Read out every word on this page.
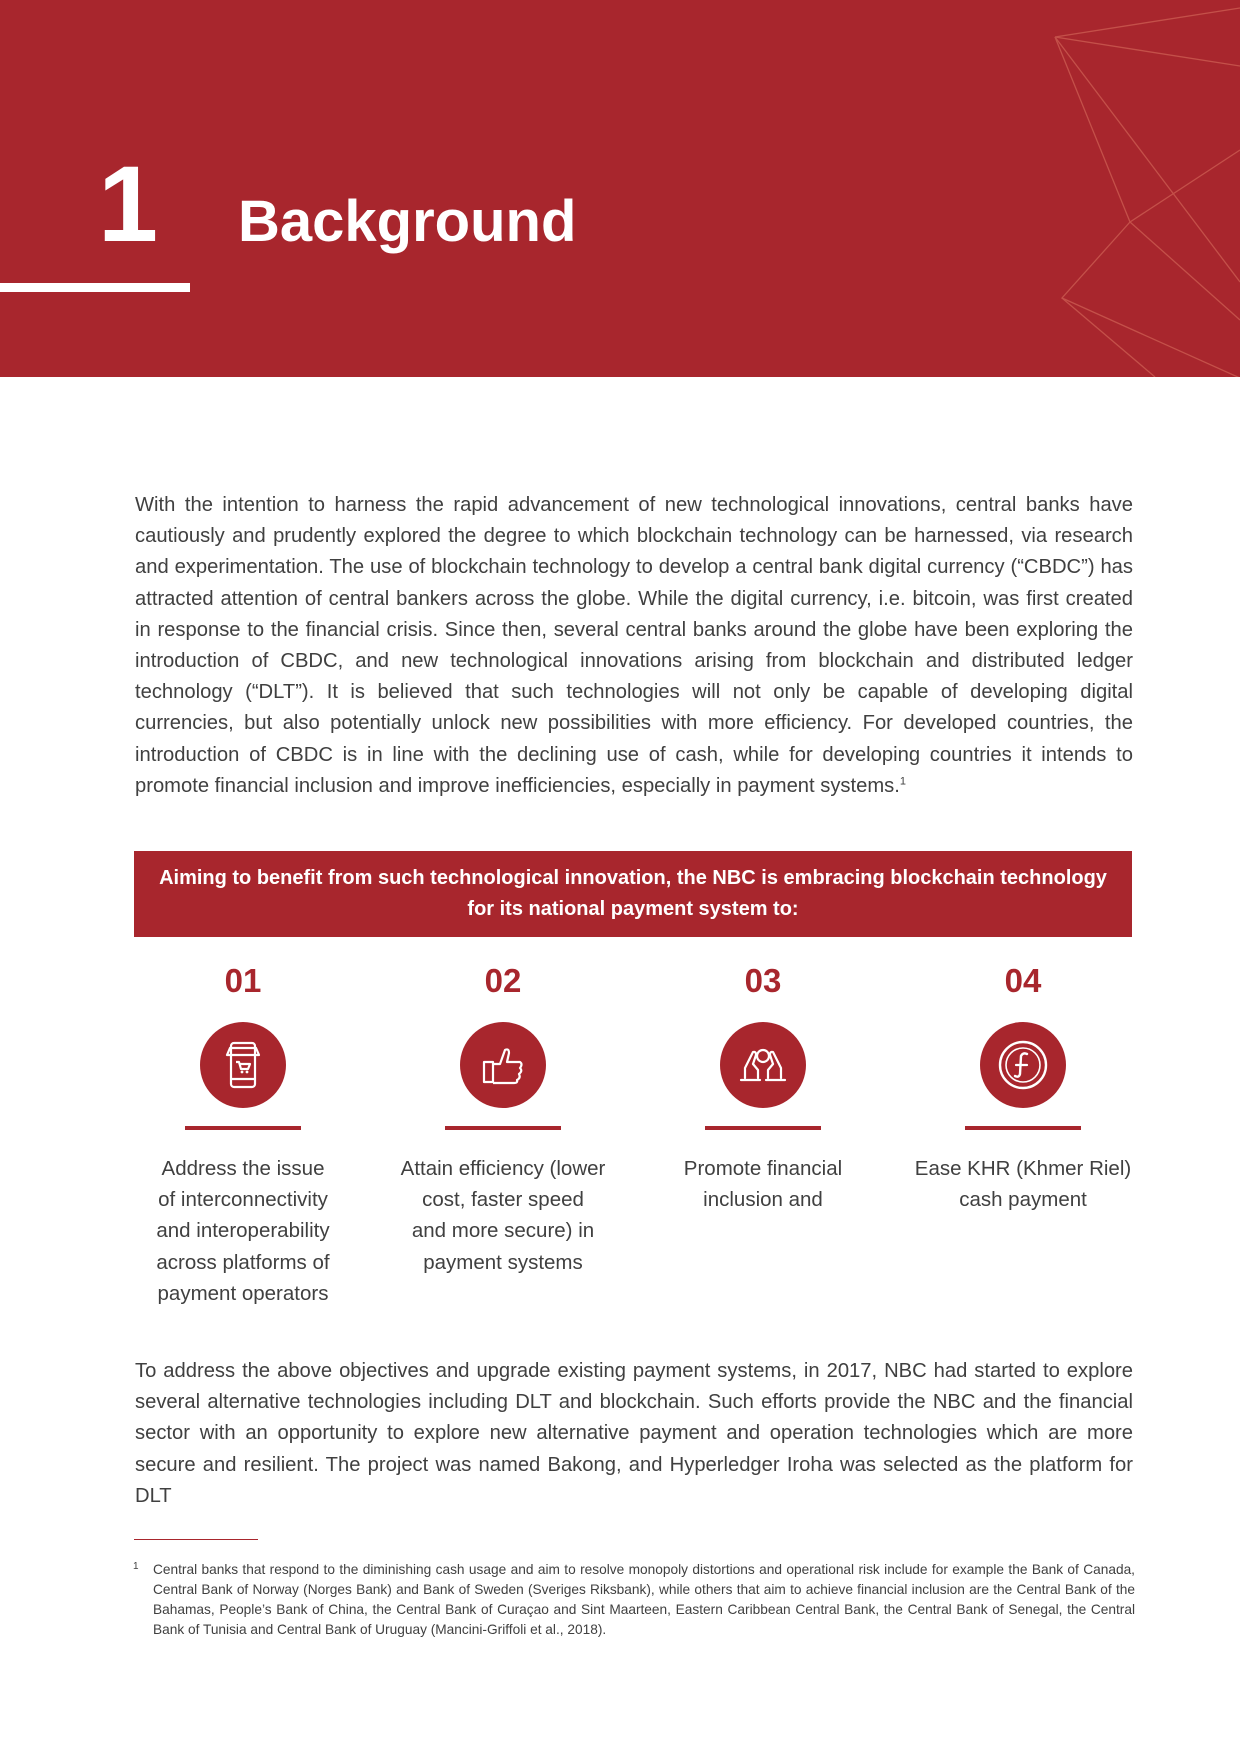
1 Background

With the intention to harness the rapid advancement of new technological innovations, central banks have cautiously and prudently explored the degree to which blockchain technology can be harnessed, via research and experimentation. The use of blockchain technology to develop a central bank digital currency (“CBDC”) has attracted attention of central bankers across the globe. While the digital currency, i.e. bitcoin, was first created in response to the financial crisis. Since then, several central banks around the globe have been exploring the introduction of CBDC, and new technological innovations arising from blockchain and distributed ledger technology (“DLT”). It is believed that such technologies will not only be capable of developing digital currencies, but also potentially unlock new possibilities with more efficiency. For developed countries, the introduction of CBDC is in line with the declining use of cash, while for developing countries it intends to promote financial inclusion and improve inefficiencies, especially in payment systems.$^1$

Aiming to benefit from such technological innovation, the NBC is embracing blockchain technology
for its national payment system to:
01
Address the issue
of interconnectivity
and interoperability
across platforms of
payment operators
02
Attain efficiency (lower
cost, faster speed
and more secure) in
payment systems
03
Promote financial
inclusion and
04
Ease KHR (Khmer Riel)
cash payment

To address the above objectives and upgrade existing payment systems, in 2017, NBC had started to explore several alternative technologies including DLT and blockchain. Such efforts provide the NBC and the financial sector with an opportunity to explore new alternative payment and operation technologies which are more secure and resilient. The project was named Bakong, and Hyperledger Iroha was selected as the platform for DLT

1 Central banks that respond to the diminishing cash usage and aim to resolve monopoly distortions and operational risk include for example the Bank of Canada, Central Bank of Norway (Norges Bank) and Bank of Sweden (Sveriges Riksbank), while others that aim to achieve financial inclusion are the Central Bank of the Bahamas, People’s Bank of China, the Central Bank of Curaçao and Sint Maarteen, Eastern Caribbean Central Bank, the Central Bank of Senegal, the Central Bank of Tunisia and Central Bank of Uruguay (Mancini-Griffoli et al., 2018).
